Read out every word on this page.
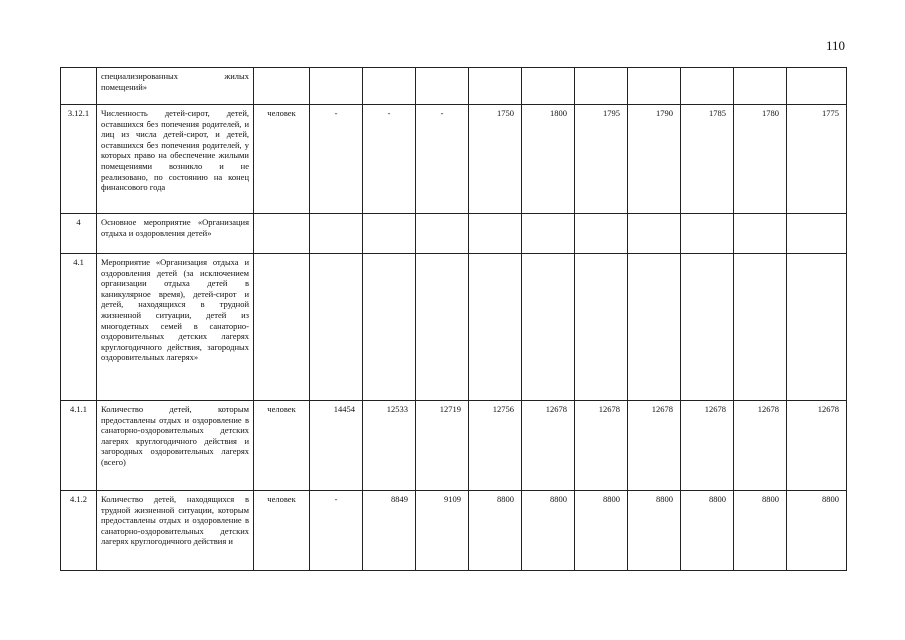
110
	специализированных жилых помещений»											
3.12.1	Численность детей-сирот, детей, оставшихся без попечения родителей, и лиц из числа детей-сирот, и детей, оставшихся без попечения родителей, у которых право на обеспечение жилыми помещениями возникло и не реализовано, по состоянию на конец финансового года	человек	-	-	-	1750	1800	1795	1790	1785	1780	1775
4	Основное мероприятие «Организация отдыха и оздоровления детей»											
4.1	Мероприятие «Организация отдыха и оздоровления детей (за исключением организации отдыха детей в каникулярное время), детей-сирот и детей, находящихся в трудной жизненной ситуации, детей из многодетных семей в санаторно-оздоровительных детских лагерях круглогодичного действия, загородных оздоровительных лагерях»											
4.1.1	Количество детей, которым предоставлены отдых и оздоровление в санаторно-оздоровительных детских лагерях круглогодичного действия и загородных оздоровительных лагерях (всего)	человек	14454	12533	12719	12756	12678	12678	12678	12678	12678	12678
4.1.2	Количество детей, находящихся в трудной жизненной ситуации, которым предоставлены отдых и оздоровление в санаторно-оздоровительных детских лагерях круглогодичного действия и	человек	-	8849	9109	8800	8800	8800	8800	8800	8800	8800
